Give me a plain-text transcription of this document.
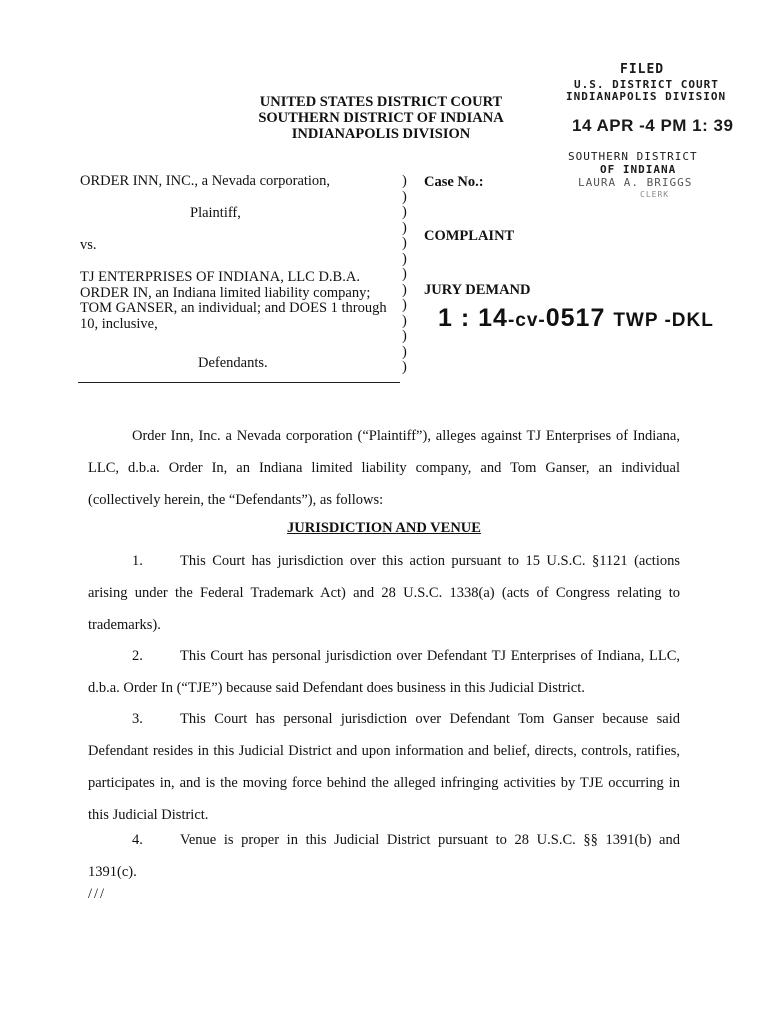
UNITED STATES DISTRICT COURT
SOUTHERN DISTRICT OF INDIANA
INDIANAPOLIS DIVISION
FILED
U.S. DISTRICT COURT
INDIANAPOLIS DIVISION
14 APR -4 PM 1: 39
SOUTHERN DISTRICT
OF INDIANA
LAURA A. BRIGGS
CLERK
ORDER INN, INC., a Nevada corporation,
Plaintiff,
vs.
TJ ENTERPRISES OF INDIANA, LLC D.B.A. ORDER IN, an Indiana limited liability company; TOM GANSER, an individual; and DOES 1 through 10, inclusive,
Defendants.
)
)
)
)
)
)
)
)
)
)
)
)
)
Case No.:
COMPLAINT
JURY DEMAND
1 : 14-cv-0517 TWP -DKL
Order Inn, Inc. a Nevada corporation (“Plaintiff”), alleges against TJ Enterprises of Indiana, LLC, d.b.a. Order In, an Indiana limited liability company, and Tom Ganser, an individual (collectively herein, the “Defendants”), as follows:
JURISDICTION AND VENUE
1.	This Court has jurisdiction over this action pursuant to 15 U.S.C. §1121 (actions arising under the Federal Trademark Act) and 28 U.S.C. 1338(a) (acts of Congress relating to trademarks).
2.	This Court has personal jurisdiction over Defendant TJ Enterprises of Indiana, LLC, d.b.a. Order In (“TJE”) because said Defendant does business in this Judicial District.
3.	This Court has personal jurisdiction over Defendant Tom Ganser because said Defendant resides in this Judicial District and upon information and belief, directs, controls, ratifies, participates in, and is the moving force behind the alleged infringing activities by TJE occurring in this Judicial District.
4.	Venue is proper in this Judicial District pursuant to 28 U.S.C. §§ 1391(b) and 1391(c).
///
